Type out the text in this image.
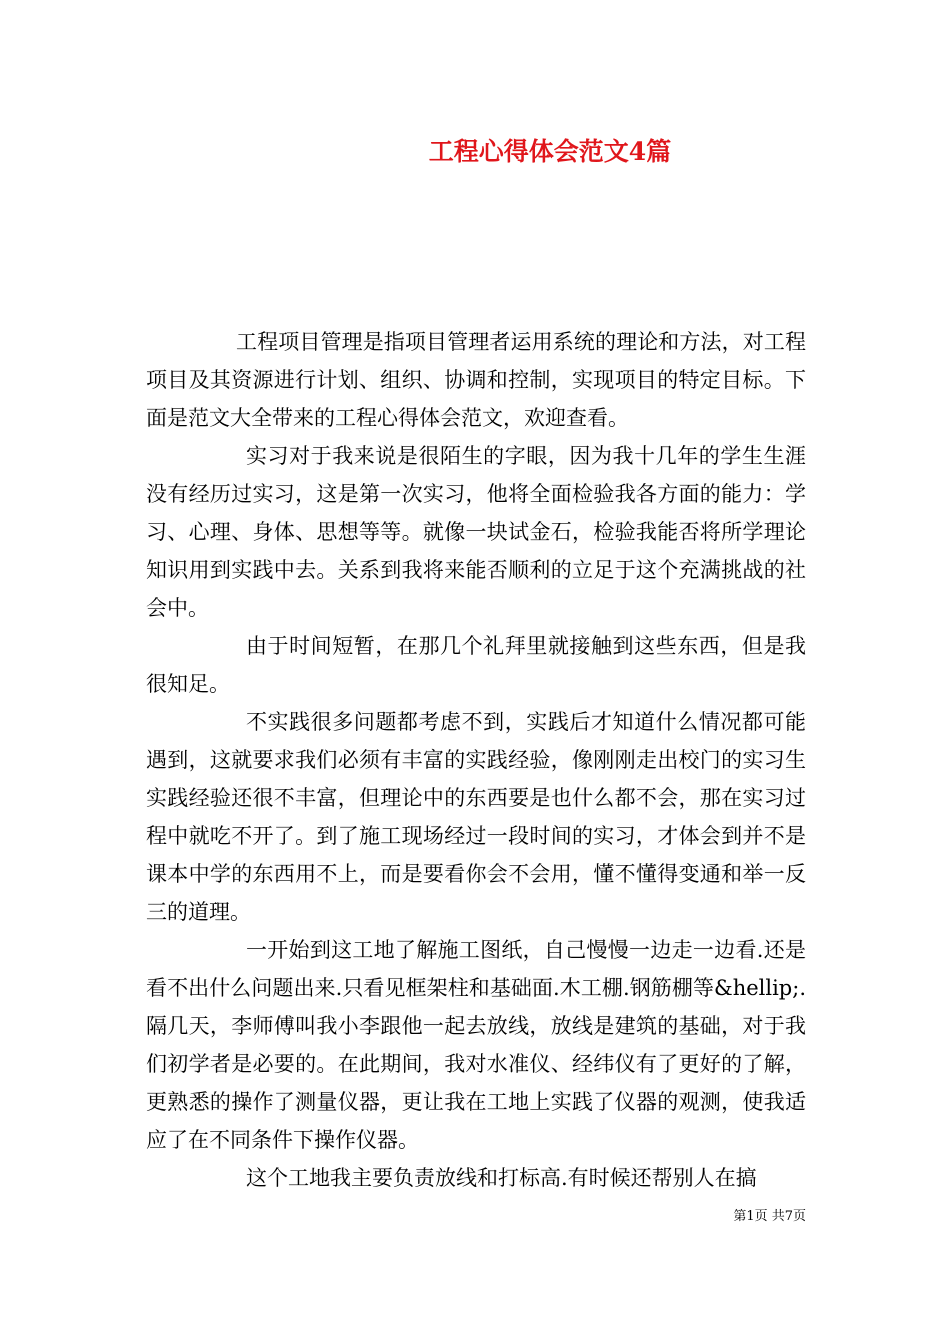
工程心得体会范文4篇

工程项目管理是指项目管理者运用系统的理论和方法，对工程项目及其资源进行计划、组织、协调和控制，实现项目的特定目标。下面是范文大全带来的工程心得体会范文，欢迎查看。

实习对于我来说是很陌生的字眼，因为我十几年的学生生涯没有经历过实习，这是第一次实习，他将全面检验我各方面的能力：学习、心理、身体、思想等等。就像一块试金石，检验我能否将所学理论知识用到实践中去。关系到我将来能否顺利的立足于这个充满挑战的社会中。

由于时间短暂，在那几个礼拜里就接触到这些东西，但是我很知足。

不实践很多问题都考虑不到，实践后才知道什么情况都可能遇到，这就要求我们必须有丰富的实践经验，像刚刚走出校门的实习生实践经验还很不丰富，但理论中的东西要是也什么都不会，那在实习过程中就吃不开了。到了施工现场经过一段时间的实习，才体会到并不是课本中学的东西用不上，而是要看你会不会用，懂不懂得变通和举一反三的道理。

一开始到这工地了解施工图纸，自己慢慢一边走一边看.还是看不出什么问题出来.只看见框架柱和基础面.木工棚.钢筋棚等&hellip;.隔几天，李师傅叫我小李跟他一起去放线，放线是建筑的基础，对于我们初学者是必要的。在此期间，我对水准仪、经纬仪有了更好的了解，更熟悉的操作了测量仪器，更让我在工地上实践了仪器的观测，使我适应了在不同条件下操作仪器。

这个工地我主要负责放线和打标高.有时候还帮别人在搞

第1页 共7页
